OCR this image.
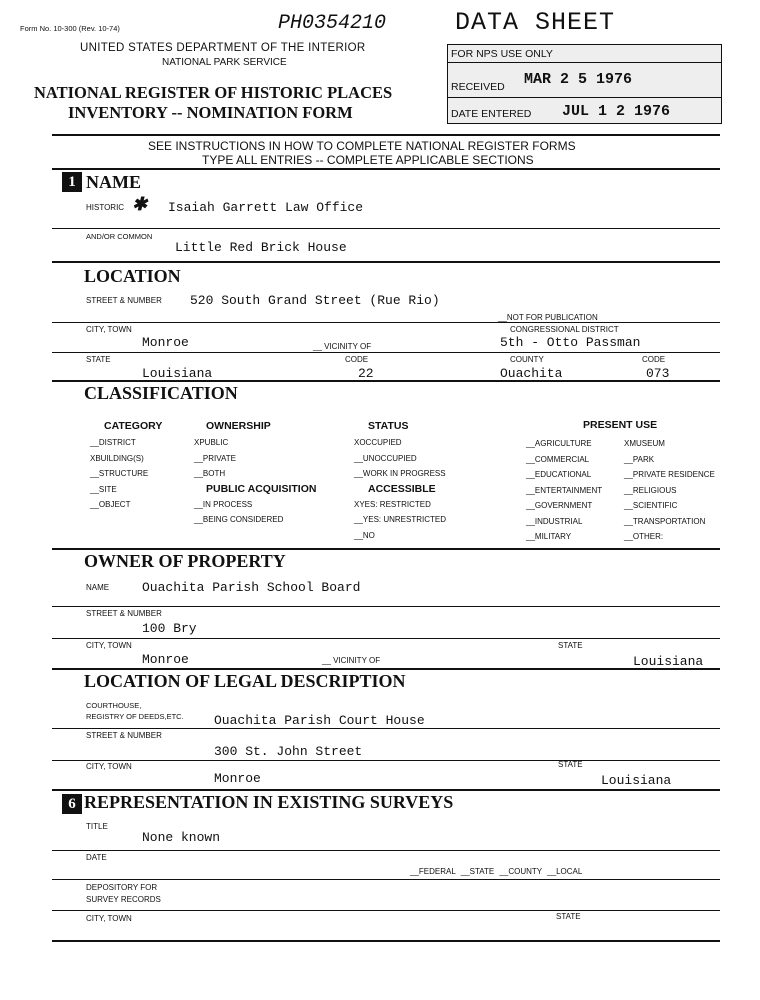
Form No. 10-300 (Rev. 10-74)	PH0354210	DATA SHEET
UNITED STATES DEPARTMENT OF THE INTERIOR
NATIONAL PARK SERVICE
NATIONAL REGISTER OF HISTORIC PLACES
INVENTORY -- NOMINATION FORM
FOR NPS USE ONLY
RECEIVED MAR 2 5 1976
DATE ENTERED JUL 1 2 1976
SEE INSTRUCTIONS IN HOW TO COMPLETE NATIONAL REGISTER FORMS
TYPE ALL ENTRIES -- COMPLETE APPLICABLE SECTIONS
1 NAME
HISTORIC ✱ Isaiah Garrett Law Office
AND/OR COMMON
Little Red Brick House
LOCATION
STREET & NUMBER 520 South Grand Street (Rue Rio)
__NOT FOR PUBLICATION
CITY, TOWN	CONGRESSIONAL DISTRICT
Monroe	__ VICINITY OF	5th - Otto Passman
STATE	CODE	COUNTY	CODE
Louisiana	22	Ouachita	073
CLASSIFICATION
CATEGORY
__DISTRICT
XBUILDING(S)
__STRUCTURE
__SITE
__OBJECT
OWNERSHIP
XPUBLIC
__PRIVATE
__BOTH
PUBLIC ACQUISITION
__IN PROCESS
__BEING CONSIDERED
STATUS
XOCCUPIED
__UNOCCUPIED
__WORK IN PROGRESS
ACCESSIBLE
XYES: RESTRICTED
__YES: UNRESTRICTED
__NO
PRESENT USE
__AGRICULTURE
__COMMERCIAL
__EDUCATIONAL
__ENTERTAINMENT
__GOVERNMENT
__INDUSTRIAL
__MILITARY
XMUSEUM
__PARK
__PRIVATE RESIDENCE
__RELIGIOUS
__SCIENTIFIC
__TRANSPORTATION
__OTHER:
OWNER OF PROPERTY
NAME	Ouachita Parish School Board
STREET & NUMBER
100 Bry
CITY, TOWN	STATE
Monroe	__ VICINITY OF	Louisiana
LOCATION OF LEGAL DESCRIPTION
COURTHOUSE,
REGISTRY OF DEEDS,ETC. Ouachita Parish Court House
STREET & NUMBER
300 St. John Street
CITY, TOWN	STATE
Monroe	Louisiana
6 REPRESENTATION IN EXISTING SURVEYS
TITLE
None known
DATE
__FEDERAL __STATE __COUNTY __LOCAL
DEPOSITORY FOR
SURVEY RECORDS
CITY, TOWN	STATE
